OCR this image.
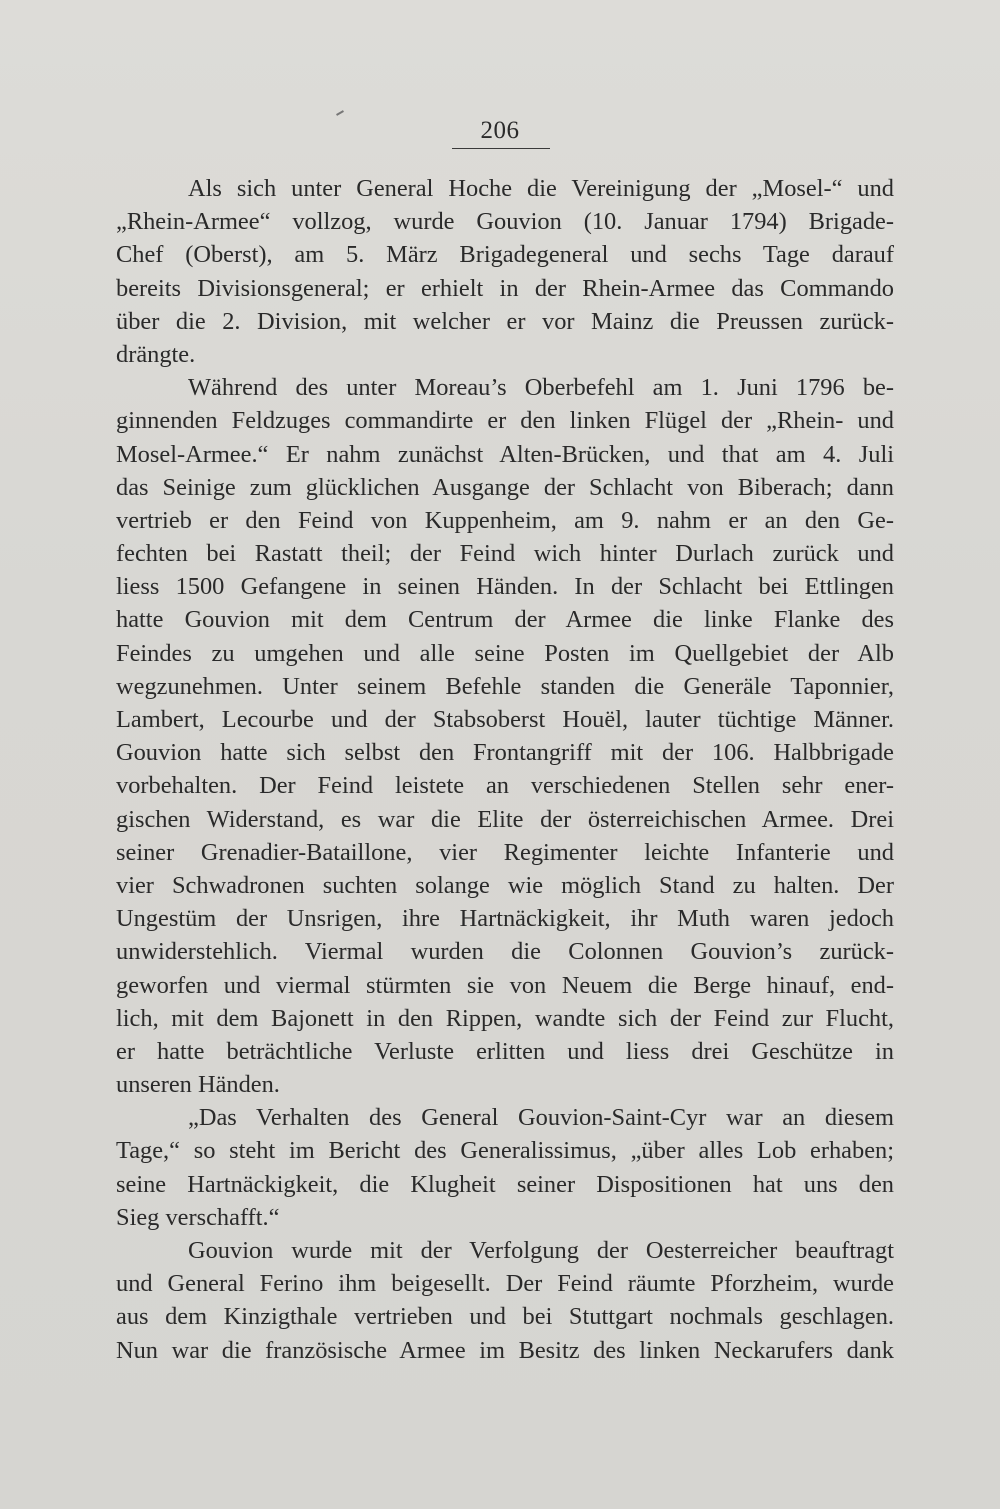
206
Als sich unter General Hoche die Vereinigung der „Mosel-“ und
„Rhein-Armee“ vollzog, wurde Gouvion (10. Januar 1794) Brigade-
Chef (Oberst), am 5. März Brigadegeneral und sechs Tage darauf
bereits Divisionsgeneral; er erhielt in der Rhein-Armee das Commando
über die 2. Division, mit welcher er vor Mainz die Preussen zurück-
drängte.
Während des unter Moreau’s Oberbefehl am 1. Juni 1796 be-
ginnenden Feldzuges commandirte er den linken Flügel der „Rhein- und
Mosel-Armee.“ Er nahm zunächst Alten-Brücken, und that am 4. Juli
das Seinige zum glücklichen Ausgange der Schlacht von Biberach; dann
vertrieb er den Feind von Kuppenheim, am 9. nahm er an den Ge-
fechten bei Rastatt theil; der Feind wich hinter Durlach zurück und
liess 1500 Gefangene in seinen Händen. In der Schlacht bei Ettlingen
hatte Gouvion mit dem Centrum der Armee die linke Flanke des
Feindes zu umgehen und alle seine Posten im Quellgebiet der Alb
wegzunehmen. Unter seinem Befehle standen die Generäle Taponnier,
Lambert, Lecourbe und der Stabsoberst Houël, lauter tüchtige Männer.
Gouvion hatte sich selbst den Frontangriff mit der 106. Halbbrigade
vorbehalten. Der Feind leistete an verschiedenen Stellen sehr ener-
gischen Widerstand, es war die Elite der österreichischen Armee. Drei
seiner Grenadier-Bataillone, vier Regimenter leichte Infanterie und
vier Schwadronen suchten solange wie möglich Stand zu halten. Der
Ungestüm der Unsrigen, ihre Hartnäckigkeit, ihr Muth waren jedoch
unwiderstehlich. Viermal wurden die Colonnen Gouvion’s zurück-
geworfen und viermal stürmten sie von Neuem die Berge hinauf, end-
lich, mit dem Bajonett in den Rippen, wandte sich der Feind zur Flucht,
er hatte beträchtliche Verluste erlitten und liess drei Geschütze in
unseren Händen.
„Das Verhalten des General Gouvion-Saint-Cyr war an diesem
Tage,“ so steht im Bericht des Generalissimus, „über alles Lob erhaben;
seine Hartnäckigkeit, die Klugheit seiner Dispositionen hat uns den
Sieg verschafft.“
Gouvion wurde mit der Verfolgung der Oesterreicher beauftragt
und General Ferino ihm beigesellt. Der Feind räumte Pforzheim, wurde
aus dem Kinzigthale vertrieben und bei Stuttgart nochmals geschlagen.
Nun war die französische Armee im Besitz des linken Neckarufers dank
